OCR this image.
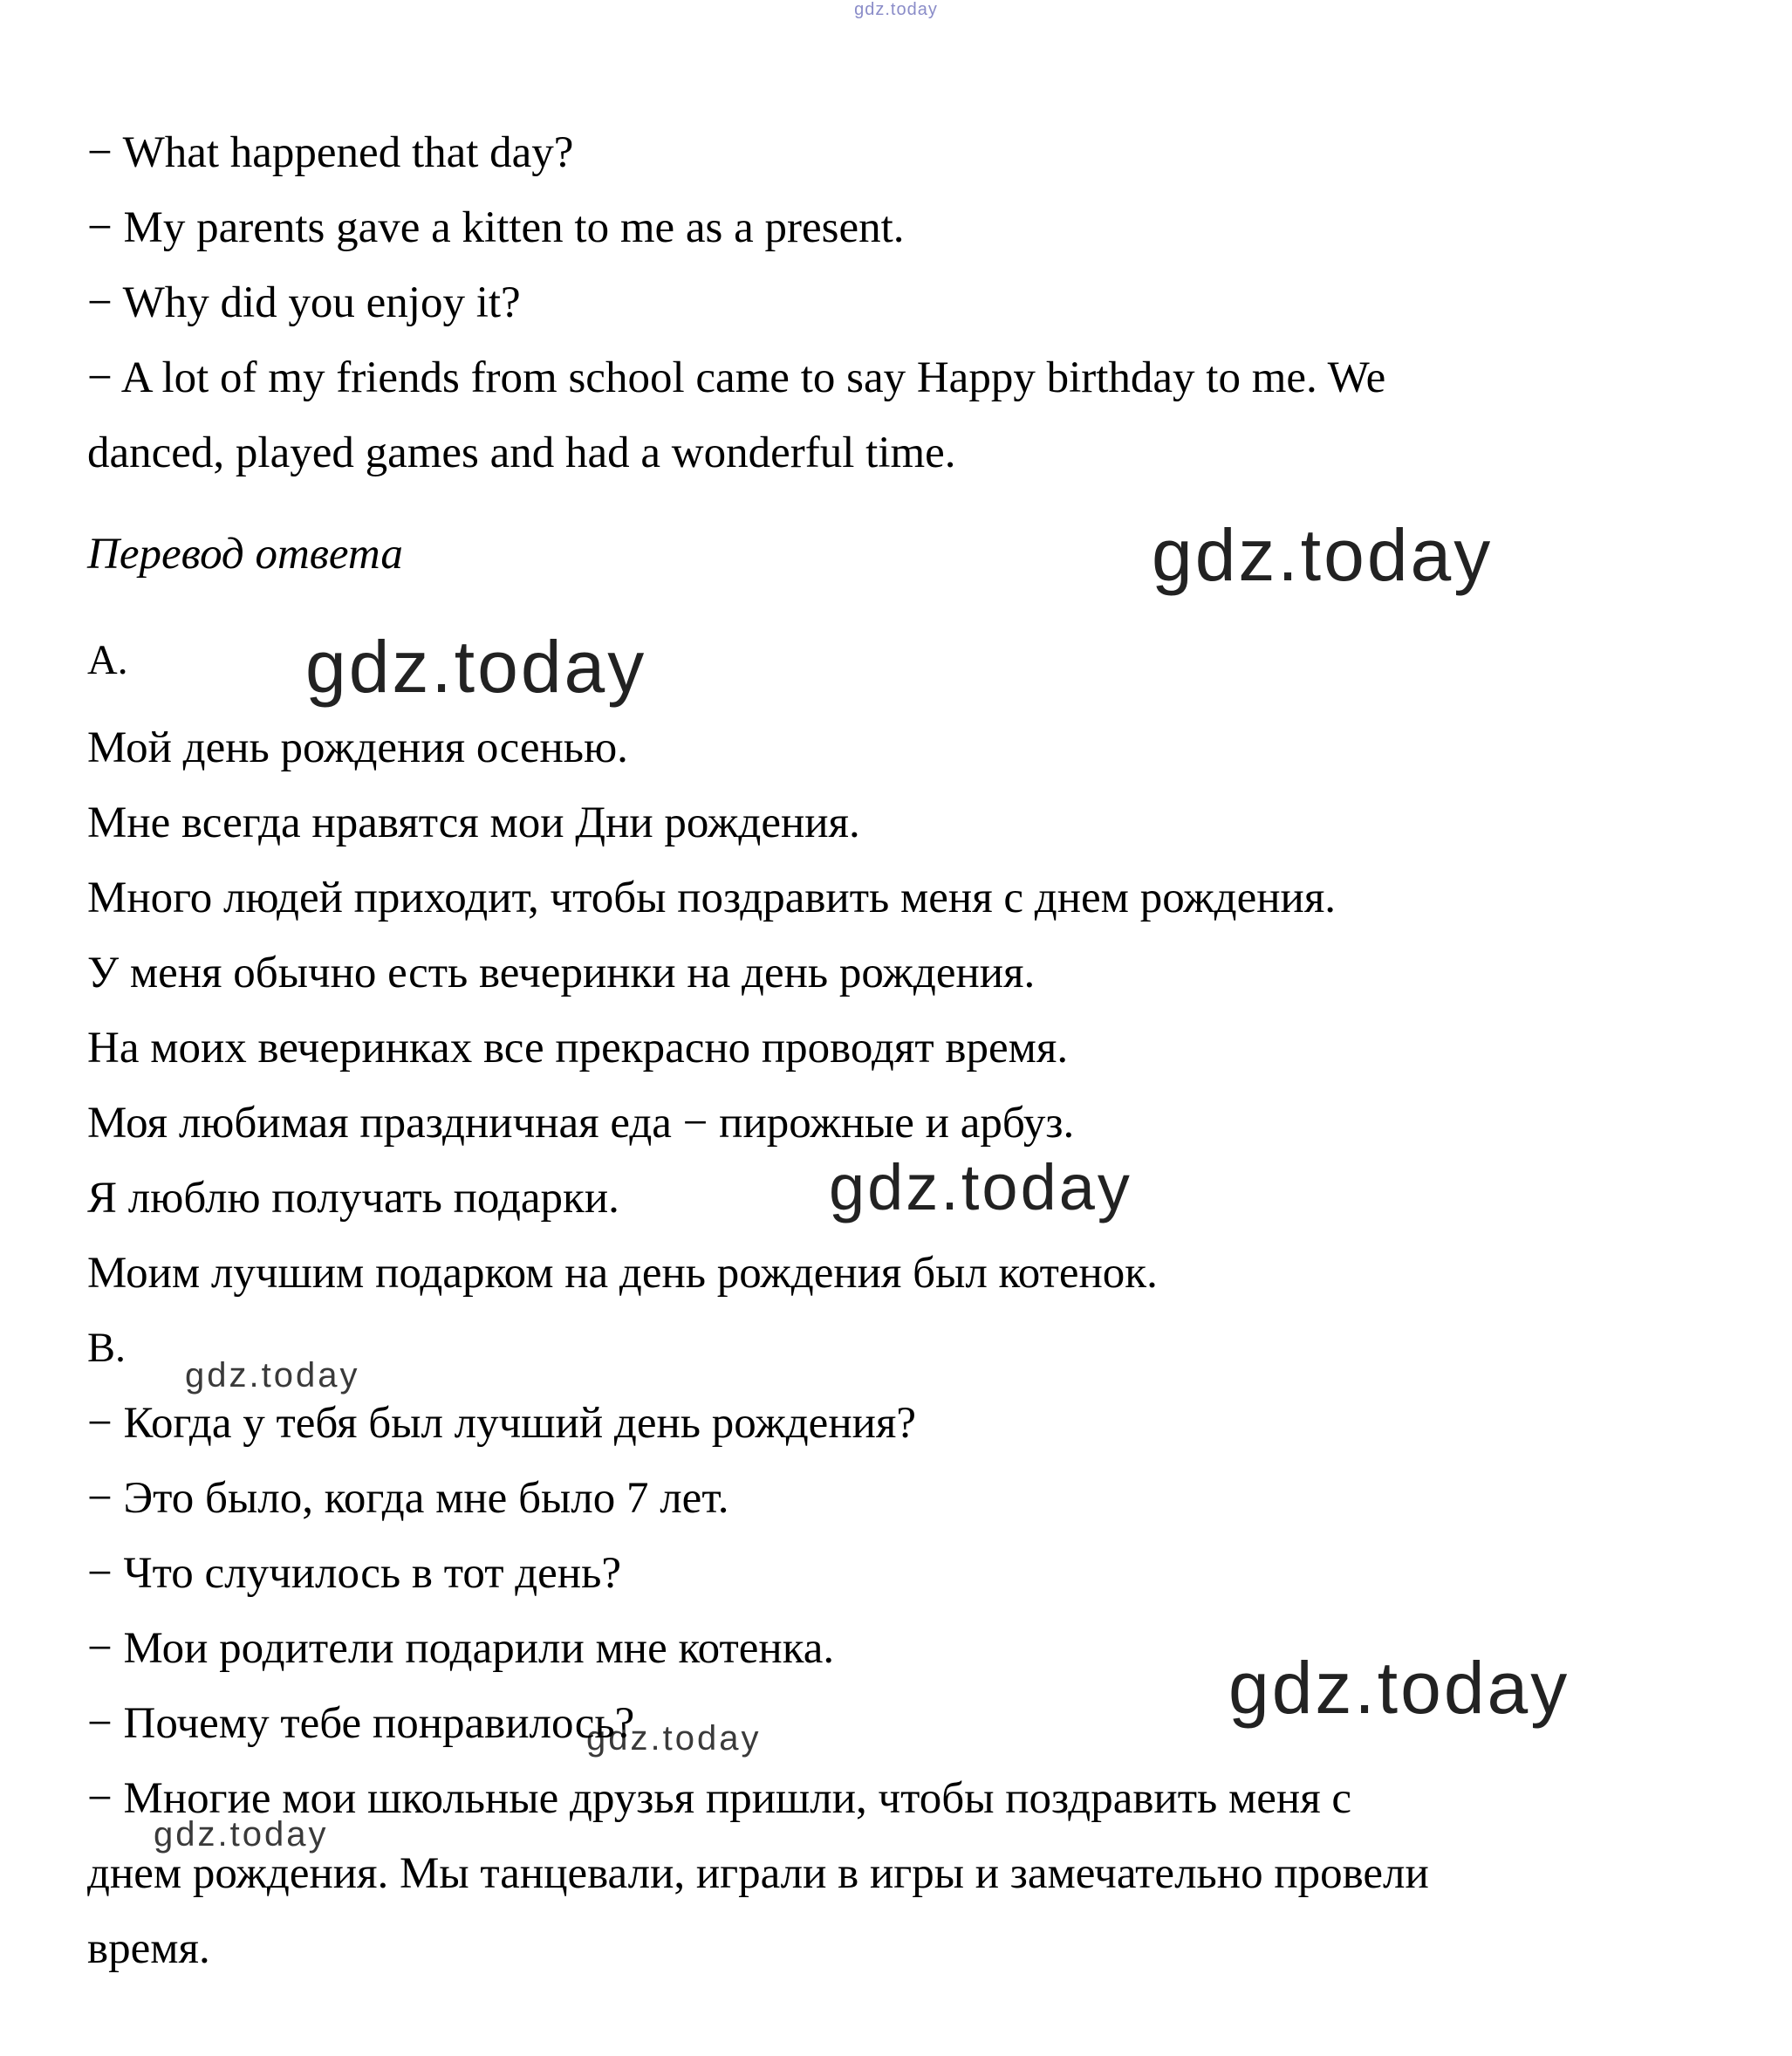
gdz.today
gdz.today
gdz.today
gdz.today
gdz.today
gdz.today
gdz.today
gdz.today
− What happened that day?
− My parents gave a kitten to me as a present.
− Why did you enjoy it?
− A lot of my friends from school came to say Happy birthday to me. We
danced, played games and had a wonderful time.
Перевод ответа
A.
Мой день рождения осенью.
Мне всегда нравятся мои Дни рождения.
Много людей приходит, чтобы поздравить меня с днем рождения.
У меня обычно есть вечеринки на день рождения.
На моих вечеринках все прекрасно проводят время.
Моя любимая праздничная еда − пирожные и арбуз.
Я люблю получать подарки.
Моим лучшим подарком на день рождения был котенок.
B.
− Когда у тебя был лучший день рождения?
− Это было, когда мне было 7 лет.
− Что случилось в тот день?
− Мои родители подарили мне котенка.
− Почему тебе понравилось?
− Многие мои школьные друзья пришли, чтобы поздравить меня с
днем рождения. Мы танцевали, играли в игры и замечательно провели
время.
